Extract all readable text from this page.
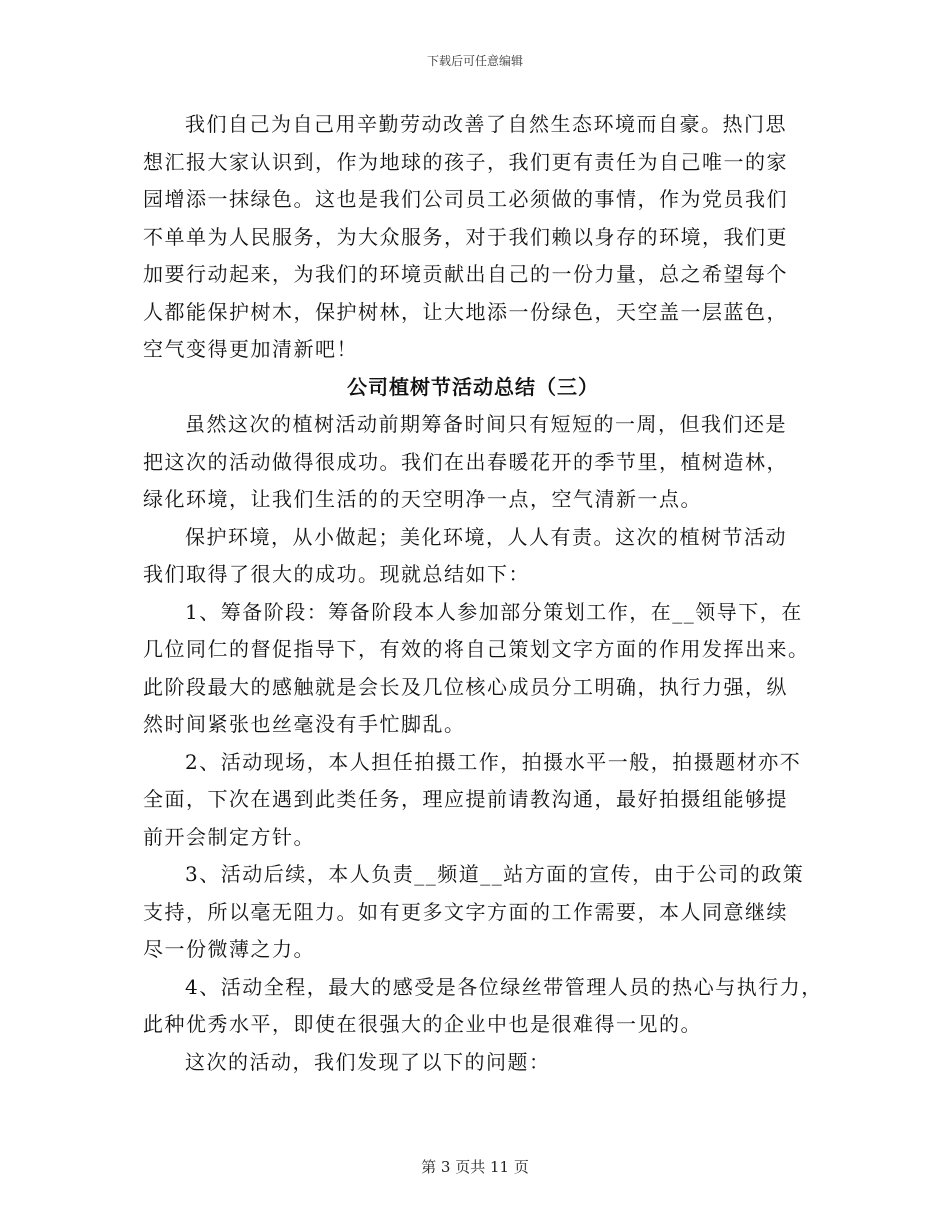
下载后可任意编辑
我们自己为自己用辛勤劳动改善了自然生态环境而自豪。热门思
想汇报大家认识到，作为地球的孩子，我们更有责任为自己唯一的家
园增添一抹绿色。这也是我们公司员工必须做的事情，作为党员我们
不单单为人民服务，为大众服务，对于我们赖以身存的环境，我们更
加要行动起来，为我们的环境贡献出自己的一份力量，总之希望每个
人都能保护树木，保护树林，让大地添一份绿色，天空盖一层蓝色，
空气变得更加清新吧！
公司植树节活动总结（三）
虽然这次的植树活动前期筹备时间只有短短的一周，但我们还是
把这次的活动做得很成功。我们在出春暖花开的季节里，植树造林，
绿化环境，让我们生活的的天空明净一点，空气清新一点。
保护环境，从小做起；美化环境，人人有责。这次的植树节活动
我们取得了很大的成功。现就总结如下：
1、筹备阶段：筹备阶段本人参加部分策划工作，在__领导下，在
几位同仁的督促指导下，有效的将自己策划文字方面的作用发挥出来。
此阶段最大的感触就是会长及几位核心成员分工明确，执行力强，纵
然时间紧张也丝毫没有手忙脚乱。
2、活动现场，本人担任拍摄工作，拍摄水平一般，拍摄题材亦不
全面，下次在遇到此类任务，理应提前请教沟通，最好拍摄组能够提
前开会制定方针。
3、活动后续，本人负责__频道__站方面的宣传，由于公司的政策
支持，所以毫无阻力。如有更多文字方面的工作需要，本人同意继续
尽一份微薄之力。
4、活动全程，最大的感受是各位绿丝带管理人员的热心与执行力，
此种优秀水平，即使在很强大的企业中也是很难得一见的。
这次的活动，我们发现了以下的问题：
第 3 页共 11 页
